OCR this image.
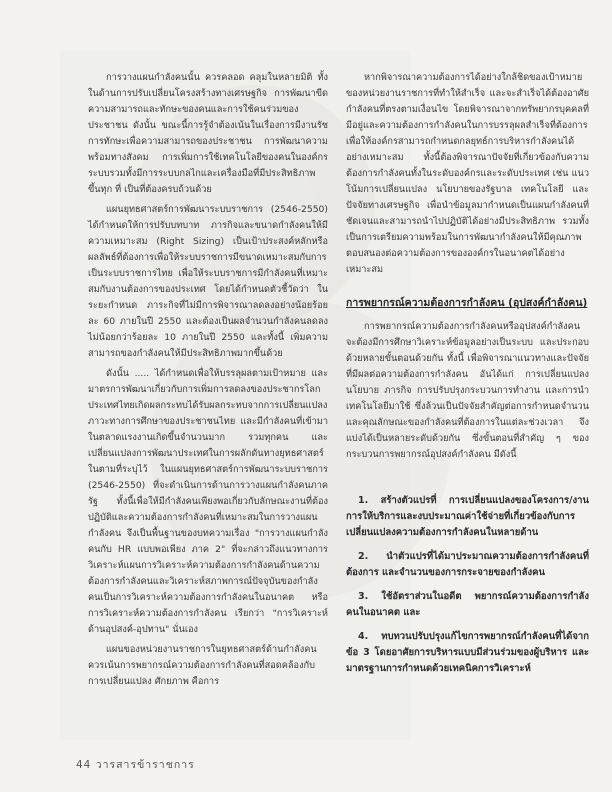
การวางแผนกำลังคนนั้น ควรคลอด คลุมในหลายมิติ ทั้งในด้านการปรับเปลี่ยนโครงสร้างทางเศรษฐกิจ การพัฒนาขีดความสามารถและทักษะของคนและการใช้คนร่วมของประชาชน ดังนั้น ขณะนี้การรู้จำต้องเน้นในเรื่องการมีงานรัชการทักษะเพื่อความสามารถของประชาชน การพัฒนาความพร้อมทางสังคม การเพิ่มการใช้เทคโนโลยีของคนในองค์กร ระบบรวมทั้งมีการระบบกลไกและเครื่องมือที่มีประสิทธิภาพขึ้นทุก ที่ เป็นที่ต้องครบถ้วนด้วย

แผนยุทธศาสตร์การพัฒนาระบบราชการ (2546-2550) ได้กำหนดให้การปรับบทบาท ภารกิจและขนาดกำลังคนให้มีความเหมาะสม (Right Sizing) เป็นเป้าประสงค์หลักหรือผลลัพธ์ที่ต้องการเพื่อให้ระบบราชการมีขนาดเหมาะสมกับการเป็นระบบราชการไทย เพื่อให้ระบบราชการมีกำลังคนที่เหมาะสมกับงานต้องการของประเทศ โดยได้กำหนดตัวชี้วัดว่า ในระยะกำหนด ภาระกิจที่ไม่มีการพิจารณาลดลงอย่างน้อยร้อยละ 60 ภายในปี 2550 และต้องเป็นผลจำนวนกำลังคนลดลงไม่น้อยกว่าร้อยละ 10 ภายในปี 2550 และทั้งนี้ เพิ่มความสามารถของกำลังคนให้มีประสิทธิภาพมากขึ้นด้วย

ดังนั้น ..... ได้กำหนดเพื่อให้บรรลุผลตามเป้าหมาย และมาตรการพัฒนาเกี่ยวกับการเพิ่มการลดลงของประชากรโลก ประเทศไทยเกิดผลกระทบได้รับผลกระทบจากการเปลี่ยนแปลงภาวะทางการศึกษาของประชาชนไทย และมีกำลังคนที่เข้ามาในตลาดแรงงานเกิดขึ้นจำนวนมาก รวมทุกคน และเปลี่ยนแปลงการพัฒนาประเทศในการผลักดันทางยุทธศาสตร์ในตามที่ระบุไว้ ในแผนยุทธศาสตร์การพัฒนาระบบราชการ (2546-2550) ที่จะดำเนินการด้านการวางแผนกำลังคนภาครัฐ ทั้งนี้เพื่อให้มีกำลังคนเพียงพอเกี่ยวกับลักษณะงานที่ต้องปฏิบัติและความต้องการกำลังคนที่เหมาะสมในการวางแผนกำลังคน จึงเป็นพื้นฐานของบทความเรื่อง "การวางแผนกำลังคนกับ HR แบบพอเพียง ภาค 2" ที่จะกล่าวถึงแนวทางการวิเคราะห์แผนการวิเคราะห์ความต้องการกำลังคนด้านความต้องการกำลังคนและวิเคราะห์สภาพการณ์ปัจจุบันของกำลังคนเป็นการวิเคราะห์ความต้องการกำลังคนในอนาคต หรือการวิเคราะห์ความต้องการกำลังคน เรียกว่า "การวิเคราะห์ด้านอุปสงค์-อุปทาน" นั่นเอง

แผนของหน่วยงานราชการในยุทธศาสตร์ด้านกำลังคน ควรเน้นการพยากรณ์ความต้องการกำลังคนที่สอดคล้องกับการเปลี่ยนแปลง ศักยภาพ คือการ

หากพิจารณาความต้องการได้อย่างใกล้ชิดของเป้าหมายของหน่วยงานราชการที่ทำให้สำเร็จ และจะสำเร็จได้ต้องอาศัยกำลังคนที่ตรงตามเงื่อนไข โดยพิจารณาจากทรัพยากรบุคคลที่มีอยู่และความต้องการกำลังคนในการบรรลุผลสำเร็จที่ต้องการ เพื่อให้องค์กรสามารถกำหนดกลยุทธ์การบริหารกำลังคนได้อย่างเหมาะสม ทั้งนี้ต้องพิจารณาปัจจัยที่เกี่ยวข้องกับความต้องการกำลังคนทั้งในระดับองค์กรและระดับประเทศ เช่น แนวโน้มการเปลี่ยนแปลง นโยบายของรัฐบาล เทคโนโลยี และปัจจัยทางเศรษฐกิจ เพื่อนำข้อมูลมากำหนดเป็นแผนกำลังคนที่ชัดเจนและสามารถนำไปปฏิบัติได้อย่างมีประสิทธิภาพ รวมทั้งเป็นการเตรียมความพร้อมในการพัฒนากำลังคนให้มีคุณภาพตอบสนองต่อความต้องการขององค์กรในอนาคตได้อย่างเหมาะสม

การพยากรณ์ความต้องการกำลังคน (อุปสงค์กำลังคน)

การพยากรณ์ความต้องการกำลังคนหรืออุปสงค์กำลังคน จะต้องมีการศึกษาวิเคราะห์ข้อมูลอย่างเป็นระบบ และประกอบด้วยหลายขั้นตอนด้วยกัน ทั้งนี้ เพื่อพิจารณาแนวทางและปัจจัยที่มีผลต่อความต้องการกำลังคน อันได้แก่ การเปลี่ยนแปลงนโยบาย ภารกิจ การปรับปรุงกระบวนการทำงาน และการนำเทคโนโลยีมาใช้ ซึ่งล้วนเป็นปัจจัยสำคัญต่อการกำหนดจำนวนและคุณลักษณะของกำลังคนที่ต้องการในแต่ละช่วงเวลา จึงแบ่งได้เป็นหลายระดับด้วยกัน ซึ่งขั้นตอนที่สำคัญ ๆ ของกระบวนการพยากรณ์อุปสงค์กำลังคน มีดังนี้

1. สร้างตัวแปรที่ การเปลี่ยนแปลงของโครงการ/งาน การให้บริการและงบประมาณค่าใช้จ่ายที่เกี่ยวข้องกับการเปลี่ยนแปลงความต้องการกำลังคนในหลายด้าน

2. นำตัวแปรที่ได้มาประมาณความต้องการกำลังคนที่ต้องการ และจำนวนของการกระจายของกำลังคน

3. ใช้อัตราส่วนในอดีต พยากรณ์ความต้องการกำลังคนในอนาคต และ

4. ทบทวนปรับปรุงแก้ไขการพยากรณ์กำลังคนที่ได้จากข้อ 3 โดยอาศัยการบริหารแบบมีส่วนร่วมของผู้บริหาร และมาตรฐานการกำหนดด้วยเทคนิคการวิเคราะห์

44 วารสารข้าราชการ
